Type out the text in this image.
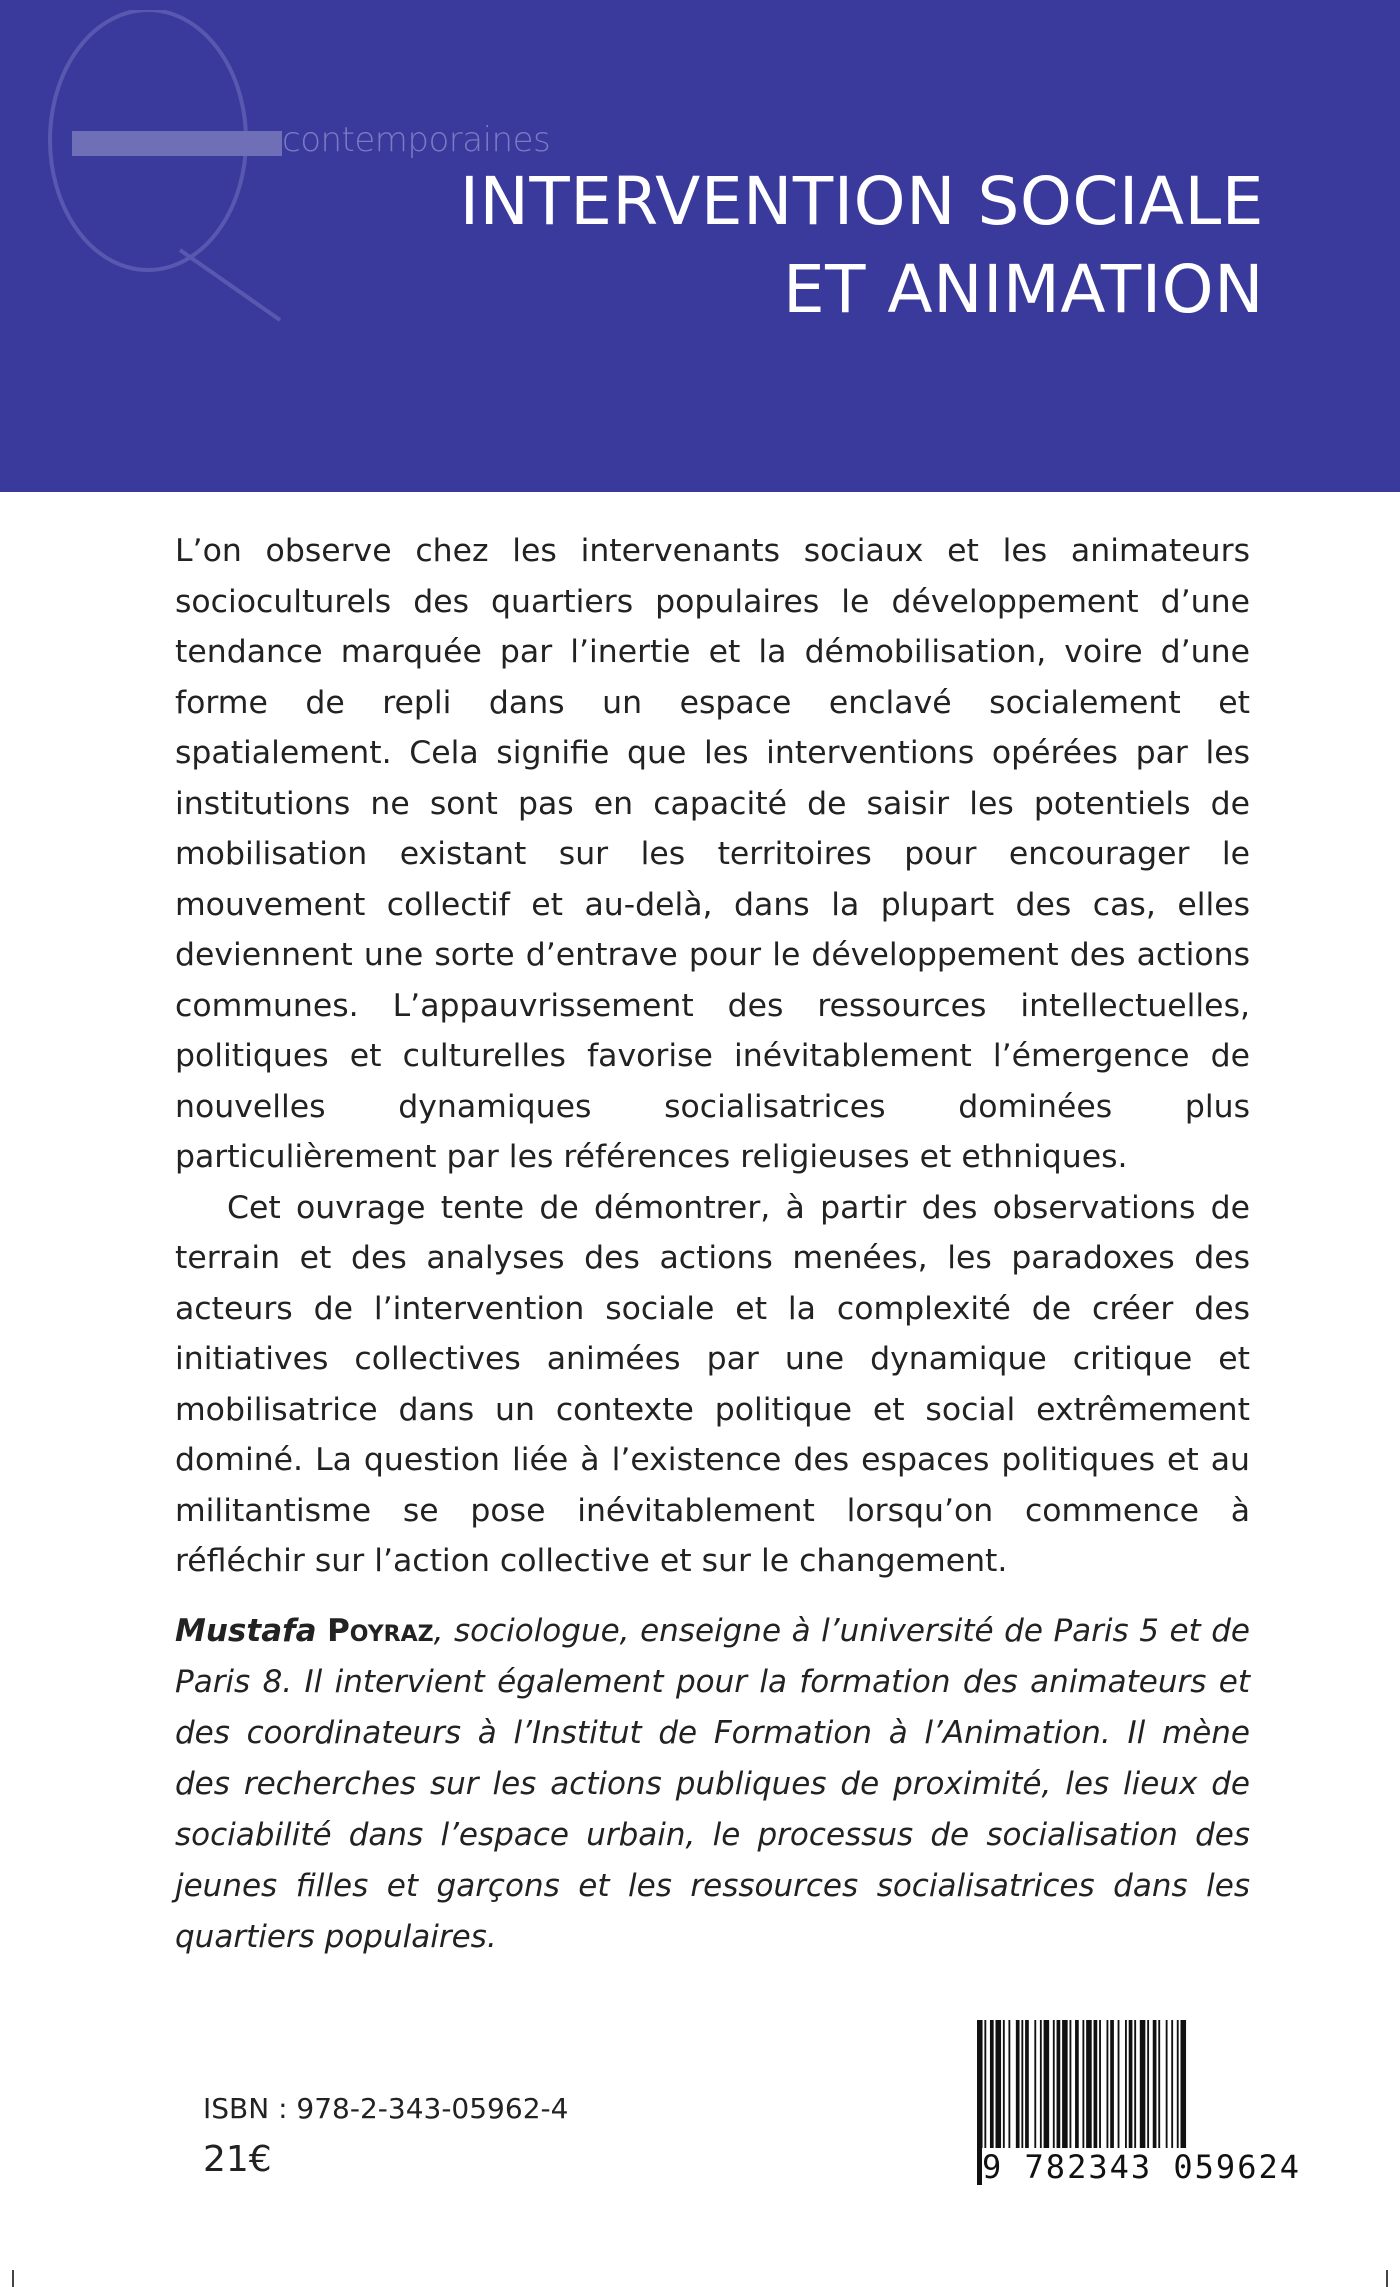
contemporaines
INTERVENTION SOCIALE
ET ANIMATION

L’on observe chez les intervenants sociaux et les animateurs socioculturels des quartiers populaires le développement d’une tendance marquée par l’inertie et la démobilisation, voire d’une forme de repli dans un espace enclavé socialement et spatialement. Cela signifie que les interventions opérées par les institutions ne sont pas en capacité de saisir les potentiels de mobilisation existant sur les territoires pour encourager le mouvement collectif et au-delà, dans la plupart des cas, elles deviennent une sorte d’entrave pour le développement des actions communes. L’appauvrissement des ressources intellectuelles, politiques et culturelles favorise inévitablement l’émergence de nouvelles dynamiques socialisatrices dominées plus particulièrement par les références religieuses et ethniques.

Cet ouvrage tente de démontrer, à partir des observations de terrain et des analyses des actions menées, les paradoxes des acteurs de l’intervention sociale et la complexité de créer des initiatives collectives animées par une dynamique critique et mobilisatrice dans un contexte politique et social extrêmement dominé. La question liée à l’existence des espaces politiques et au militantisme se pose inévitablement lorsqu’on commence à réfléchir sur l’action collective et sur le changement.

Mustafa Poyraz, sociologue, enseigne à l’université de Paris 5 et de Paris 8. Il intervient également pour la formation des animateurs et des coordinateurs à l’Institut de Formation à l’Animation. Il mène des recherches sur les actions publiques de proximité, les lieux de sociabilité dans l’espace urbain, le processus de socialisation des jeunes filles et garçons et les ressources socialisatrices dans les quartiers populaires.
ISBN : 978-2-343-05962-4
21€	9 782343 059624
